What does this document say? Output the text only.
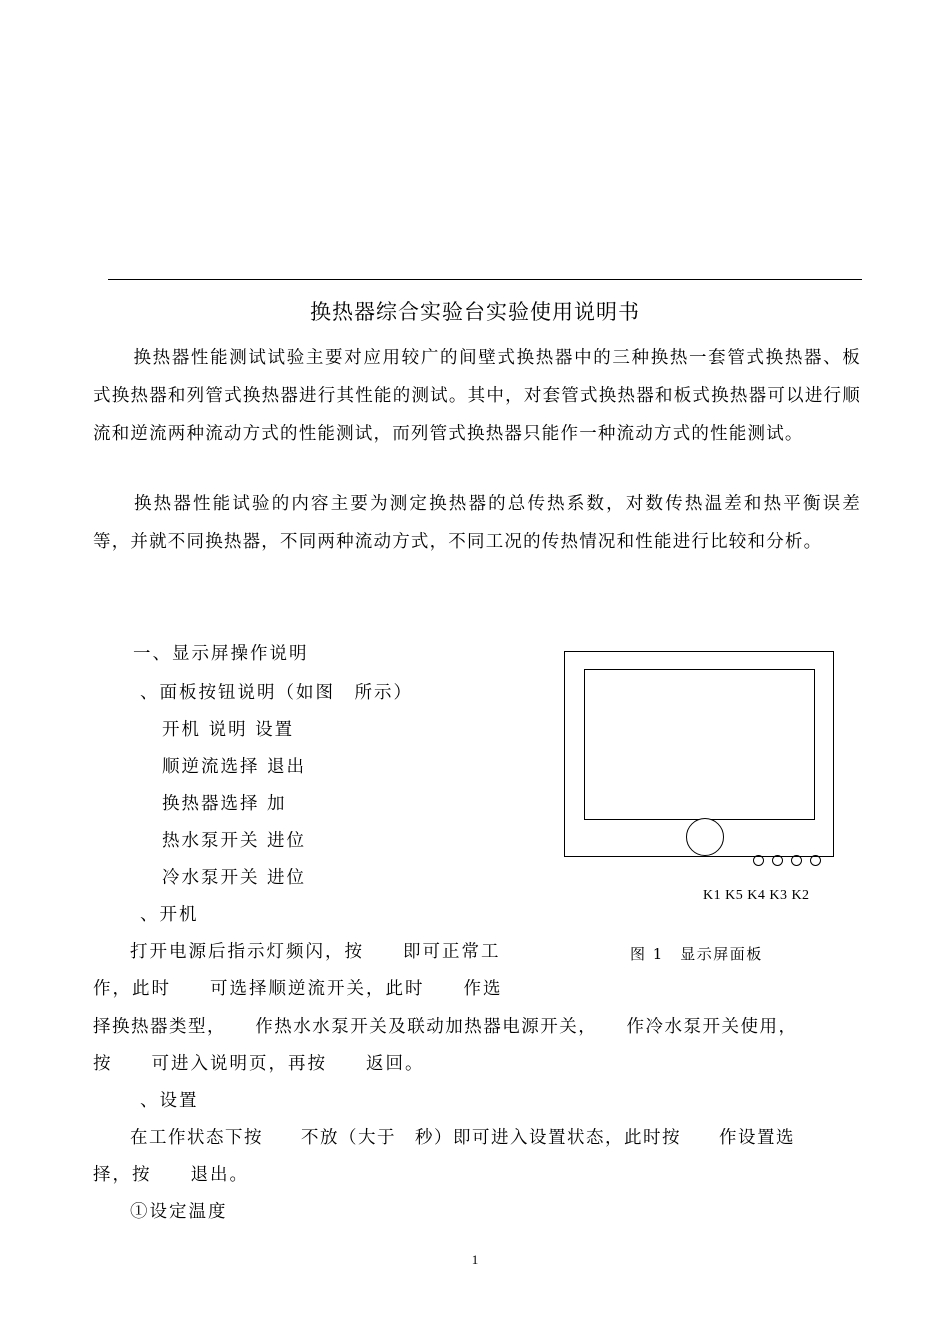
换热器综合实验台实验使用说明书
换热器性能测试试验主要对应用较广的间壁式换热器中的三种换热一套管式换热器、板式换热器和列管式换热器进行其性能的测试。其中，对套管式换热器和板式换热器可以进行顺流和逆流两种流动方式的性能测试，而列管式换热器只能作一种流动方式的性能测试。
换热器性能试验的内容主要为测定换热器的总传热系数，对数传热温差和热平衡误差等，并就不同换热器，不同两种流动方式，不同工况的传热情况和性能进行比较和分析。
一、显示屏操作说明
、面板按钮说明（如图　所示）
开机 说明 设置
顺逆流选择 退出
换热器选择 加
热水泵开关 进位
冷水泵开关 进位
、开机
打开电源后指示灯频闪，按　　即可正常工
作，此时　　可选择顺逆流开关，此时　　作选
择换热器类型，　　作热水水泵开关及联动加热器电源开关，　　作冷水泵开关使用，
按　　可进入说明页，再按　　返回。
、设置
在工作状态下按　　不放（大于　秒）即可进入设置状态，此时按　　作设置选
择，按　　退出。
①设定温度
K1 K5 K4 K3 K2
图 1　显示屏面板
1
